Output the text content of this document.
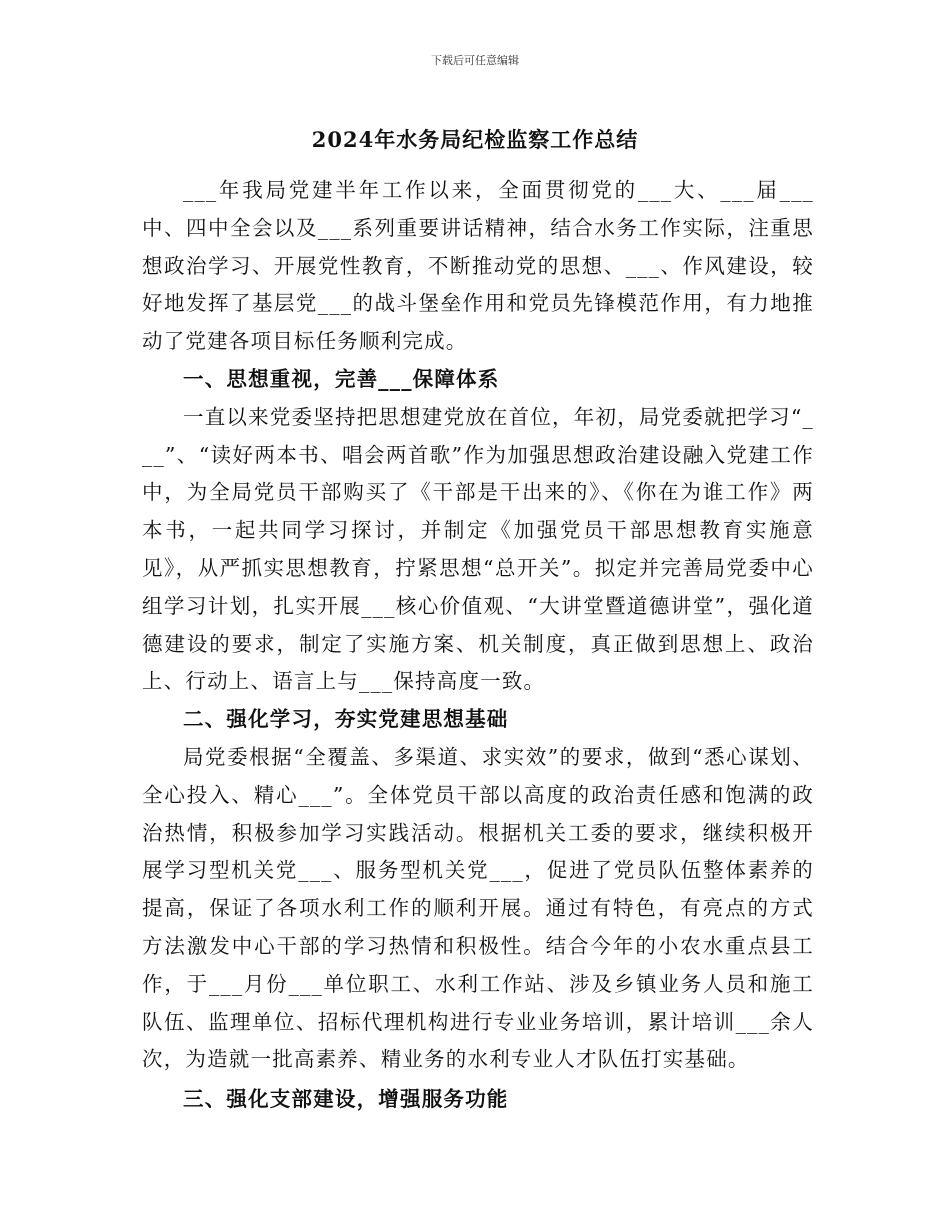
下载后可任意编辑
2024年水务局纪检监察工作总结

___年我局党建半年工作以来，全面贯彻党的___大、___届___中、四中全会以及___系列重要讲话精神，结合水务工作实际，注重思想政治学习、开展党性教育，不断推动党的思想、___、作风建设，较好地发挥了基层党___的战斗堡垒作用和党员先锋模范作用，有力地推动了党建各项目标任务顺利完成。

一、思想重视，完善___保障体系

一直以来党委坚持把思想建党放在首位，年初，局党委就把学习“___”、“读好两本书、唱会两首歌”作为加强思想政治建设融入党建工作中，为全局党员干部购买了《干部是干出来的》、《你在为谁工作》两本书，一起共同学习探讨，并制定《加强党员干部思想教育实施意见》，从严抓实思想教育，拧紧思想“总开关”。拟定并完善局党委中心组学习计划，扎实开展___核心价值观、“大讲堂暨道德讲堂”，强化道德建设的要求，制定了实施方案、机关制度，真正做到思想上、政治上、行动上、语言上与___保持高度一致。

二、强化学习，夯实党建思想基础

局党委根据“全覆盖、多渠道、求实效”的要求，做到“悉心谋划、全心投入、精心___”。全体党员干部以高度的政治责任感和饱满的政治热情，积极参加学习实践活动。根据机关工委的要求，继续积极开展学习型机关党___、服务型机关党___，促进了党员队伍整体素养的提高，保证了各项水利工作的顺利开展。通过有特色，有亮点的方式方法激发中心干部的学习热情和积极性。结合今年的小农水重点县工作，于___月份___单位职工、水利工作站、涉及乡镇业务人员和施工队伍、监理单位、招标代理机构进行专业业务培训，累计培训___余人次，为造就一批高素养、精业务的水利专业人才队伍打实基础。

三、强化支部建设，增强服务功能
